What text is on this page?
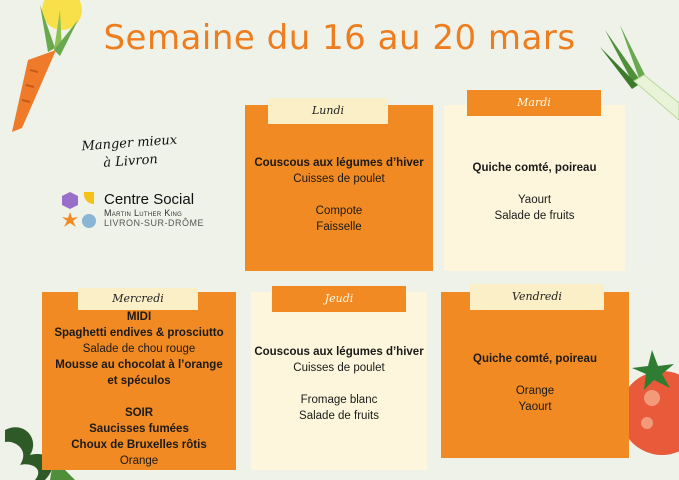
Semaine du 16 au 20 mars
Manger mieux
à Livron
Centre Social
Martin Luther King
LIVRON-SUR-DRÔME

Couscous aux légumes d’hiver

Cuisses de poulet

Compote

Faisselle

Lundi

Quiche comté, poireau

Yaourt

Salade de fruits

Mardi

MIDI

Spaghetti endives & prosciutto

Salade de chou rouge

Mousse au chocolat à l’orange et spéculos

SOIR

Saucisses fumées

Choux de Bruxelles rôtis

Orange

Mercredi

Couscous aux légumes d’hiver

Cuisses de poulet

Fromage blanc

Salade de fruits

Jeudi

Quiche comté, poireau

Orange

Yaourt

Vendredi
